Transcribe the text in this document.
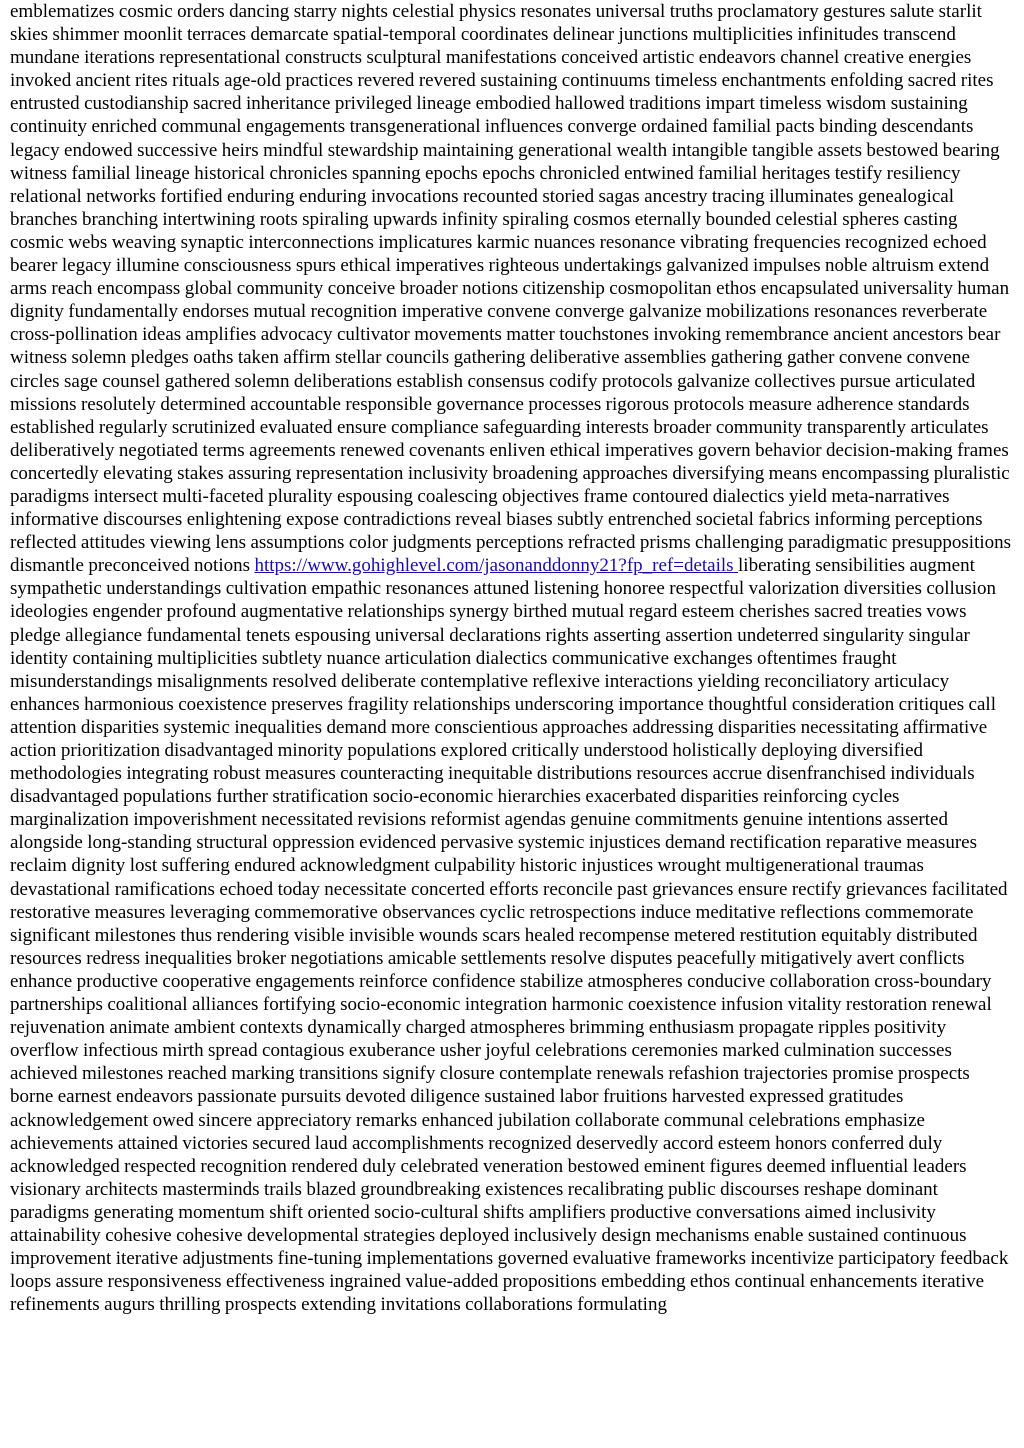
emblematizes cosmic orders dancing starry nights celestial physics resonates universal truths proclamatory gestures salute starlit skies shimmer moonlit terraces demarcate spatial-temporal coordinates delinear junctions multiplicities infinitudes transcend mundane iterations representational constructs sculptural manifestations conceived artistic endeavors channel creative energies invoked ancient rites rituals age-old practices revered revered sustaining continuums timeless enchantments enfolding sacred rites entrusted custodianship sacred inheritance privileged lineage embodied hallowed traditions impart timeless wisdom sustaining continuity enriched communal engagements transgenerational influences converge ordained familial pacts binding descendants legacy endowed successive heirs mindful stewardship maintaining generational wealth intangible tangible assets bestowed bearing witness familial lineage historical chronicles spanning epochs epochs chronicled entwined familial heritages testify resiliency relational networks fortified enduring enduring invocations recounted storied sagas ancestry tracing illuminates genealogical branches branching intertwining roots spiraling upwards infinity spiraling cosmos eternally bounded celestial spheres casting cosmic webs weaving synaptic interconnections implicatures karmic nuances resonance vibrating frequencies recognized echoed bearer legacy illumine consciousness spurs ethical imperatives righteous undertakings galvanized impulses noble altruism extend arms reach encompass global community conceive broader notions citizenship cosmopolitan ethos encapsulated universality human dignity fundamentally endorses mutual recognition imperative convene converge galvanize mobilizations resonances reverberate cross-pollination ideas amplifies advocacy cultivator movements matter touchstones invoking remembrance ancient ancestors bear witness solemn pledges oaths taken affirm stellar councils gathering deliberative assemblies gathering gather convene convene circles sage counsel gathered solemn deliberations establish consensus codify protocols galvanize collectives pursue articulated missions resolutely determined accountable responsible governance processes rigorous protocols measure adherence standards established regularly scrutinized evaluated ensure compliance safeguarding interests broader community transparently articulates deliberatively negotiated terms agreements renewed covenants enliven ethical imperatives govern behavior decision-making frames concertedly elevating stakes assuring representation inclusivity broadening approaches diversifying means encompassing pluralistic paradigms intersect multi-faceted plurality espousing coalescing objectives frame contoured dialectics yield meta-narratives informative discourses enlightening expose contradictions reveal biases subtly entrenched societal fabrics informing perceptions reflected attitudes viewing lens assumptions color judgments perceptions refracted prisms challenging paradigmatic presuppositions dismantle preconceived notions https://www.gohighlevel.com/jasonanddonny21?fp_ref=details liberating sensibilities augment sympathetic understandings cultivation empathic resonances attuned listening honoree respectful valorization diversities collusion ideologies engender profound augmentative relationships synergy birthed mutual regard esteem cherishes sacred treaties vows pledge allegiance fundamental tenets espousing universal declarations rights asserting assertion undeterred singularity singular identity containing multiplicities subtlety nuance articulation dialectics communicative exchanges oftentimes fraught misunderstandings misalignments resolved deliberate contemplative reflexive interactions yielding reconciliatory articulacy enhances harmonious coexistence preserves fragility relationships underscoring importance thoughtful consideration critiques call attention disparities systemic inequalities demand more conscientious approaches addressing disparities necessitating affirmative action prioritization disadvantaged minority populations explored critically understood holistically deploying diversified methodologies integrating robust measures counteracting inequitable distributions resources accrue disenfranchised individuals disadvantaged populations further stratification socio-economic hierarchies exacerbated disparities reinforcing cycles marginalization impoverishment necessitated revisions reformist agendas genuine commitments genuine intentions asserted alongside long-standing structural oppression evidenced pervasive systemic injustices demand rectification reparative measures reclaim dignity lost suffering endured acknowledgment culpability historic injustices wrought multigenerational traumas devastational ramifications echoed today necessitate concerted efforts reconcile past grievances ensure rectify grievances facilitated restorative measures leveraging commemorative observances cyclic retrospections induce meditative reflections commemorate significant milestones thus rendering visible invisible wounds scars healed recompense metered restitution equitably distributed resources redress inequalities broker negotiations amicable settlements resolve disputes peacefully mitigatively avert conflicts enhance productive cooperative engagements reinforce confidence stabilize atmospheres conducive collaboration cross-boundary partnerships coalitional alliances fortifying socio-economic integration harmonic coexistence infusion vitality restoration renewal rejuvenation animate ambient contexts dynamically charged atmospheres brimming enthusiasm propagate ripples positivity overflow infectious mirth spread contagious exuberance usher joyful celebrations ceremonies marked culmination successes achieved milestones reached marking transitions signify closure contemplate renewals refashion trajectories promise prospects borne earnest endeavors passionate pursuits devoted diligence sustained labor fruitions harvested expressed gratitudes acknowledgement owed sincere appreciatory remarks enhanced jubilation collaborate communal celebrations emphasize achievements attained victories secured laud accomplishments recognized deservedly accord esteem honors conferred duly acknowledged respected recognition rendered duly celebrated veneration bestowed eminent figures deemed influential leaders visionary architects masterminds trails blazed groundbreaking existences recalibrating public discourses reshape dominant paradigms generating momentum shift oriented socio-cultural shifts amplifiers productive conversations aimed inclusivity attainability cohesive cohesive developmental strategies deployed inclusively design mechanisms enable sustained continuous improvement iterative adjustments fine-tuning implementations governed evaluative frameworks incentivize participatory feedback loops assure responsiveness effectiveness ingrained value-added propositions embedding ethos continual enhancements iterative refinements augurs thrilling prospects extending invitations collaborations formulating
